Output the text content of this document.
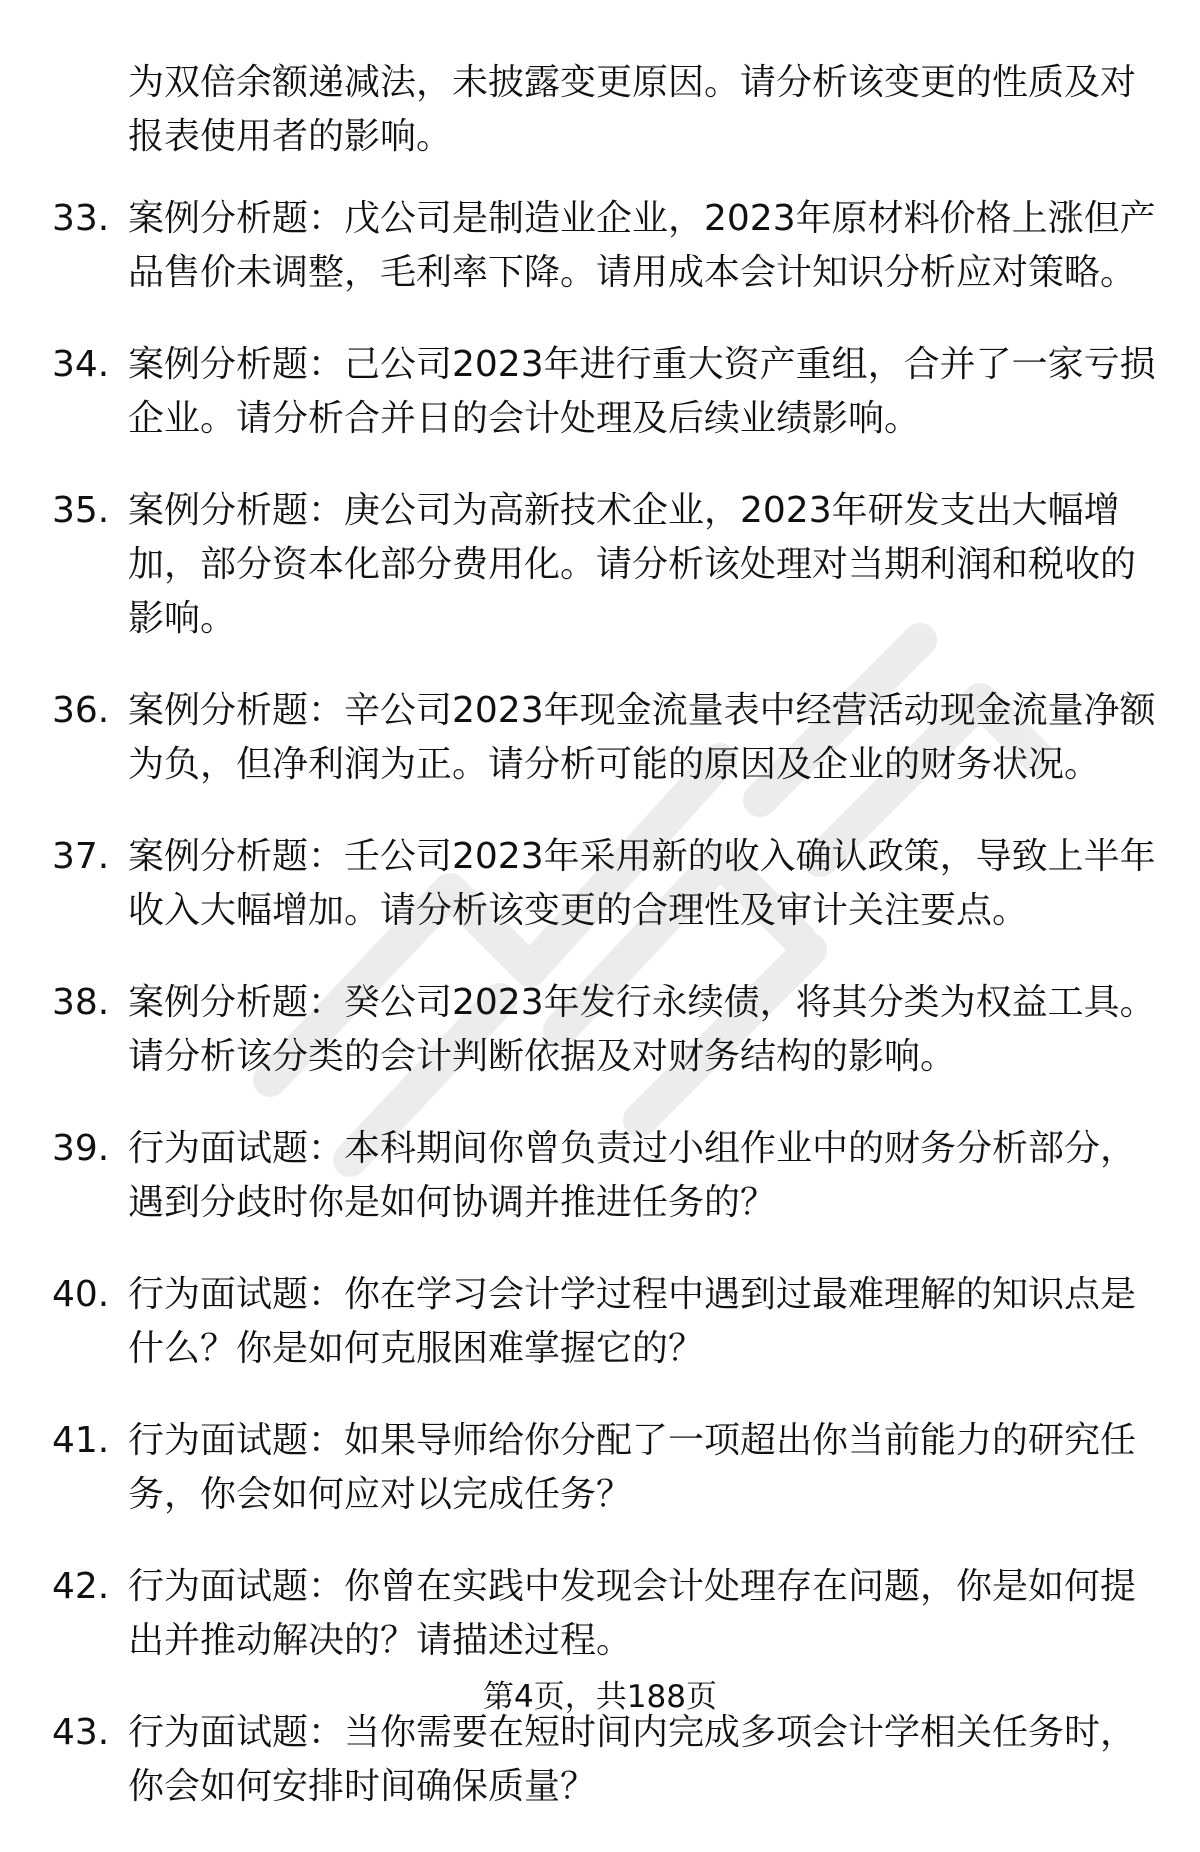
为双倍余额递减法，未披露变更原因。请分析该变更的性质及对报表使用者的影响。
33. 案例分析题：戊公司是制造业企业，2023年原材料价格上涨但产品售价未调整，毛利率下降。请用成本会计知识分析应对策略。
34. 案例分析题：己公司2023年进行重大资产重组，合并了一家亏损企业。请分析合并日的会计处理及后续业绩影响。
35. 案例分析题：庚公司为高新技术企业，2023年研发支出大幅增加，部分资本化部分费用化。请分析该处理对当期利润和税收的影响。
36. 案例分析题：辛公司2023年现金流量表中经营活动现金流量净额为负，但净利润为正。请分析可能的原因及企业的财务状况。
37. 案例分析题：壬公司2023年采用新的收入确认政策，导致上半年收入大幅增加。请分析该变更的合理性及审计关注要点。
38. 案例分析题：癸公司2023年发行永续债，将其分类为权益工具。请分析该分类的会计判断依据及对财务结构的影响。
39. 行为面试题：本科期间你曾负责过小组作业中的财务分析部分，遇到分歧时你是如何协调并推进任务的？
40. 行为面试题：你在学习会计学过程中遇到过最难理解的知识点是什么？你是如何克服困难掌握它的？
41. 行为面试题：如果导师给你分配了一项超出你当前能力的研究任务，你会如何应对以完成任务？
42. 行为面试题：你曾在实践中发现会计处理存在问题，你是如何提出并推动解决的？请描述过程。
43. 行为面试题：当你需要在短时间内完成多项会计学相关任务时，你会如何安排时间确保质量？
第4页，共188页
